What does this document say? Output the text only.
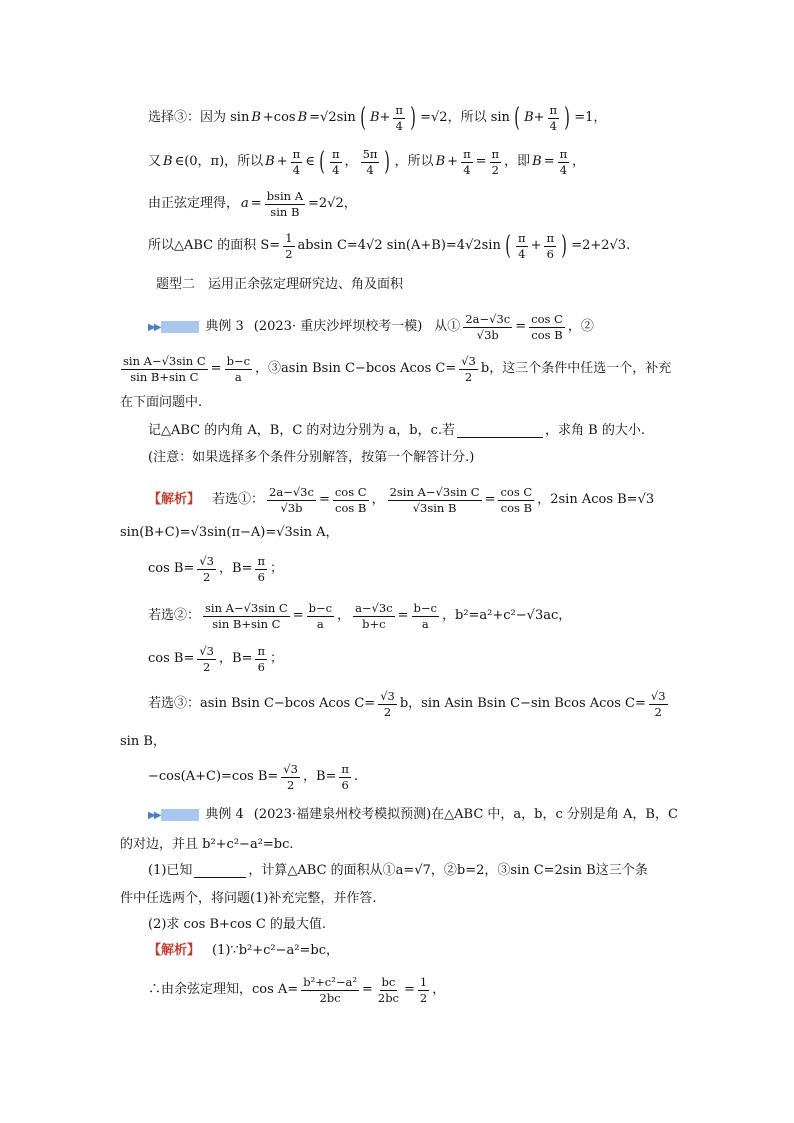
选择③：因为 sin B +cos B =√2sin ( $B+ \frac{\pi}{4}$ ) =√2，所以 sin ( $B+ \frac{\pi}{4}$ ) =1，
又 B ∈(0，π)，所以 $B + \frac{\pi}{4}$ ∈ ( $\frac{\pi}{4}$ ， $\frac{5\pi}{4}$ ) ，所以 $B + \frac{\pi}{4} = \frac{\pi}{2}$ ，即 $B = \frac{\pi}{4}$ ，
由正弦定理得， $a = \frac{\text{bsin A}}{\text{sin B}} =2√2$，
所以△ABC 的面积 $S= \frac{1}{2}$ absin C=4√2 sin(A+B)=4√2sin ( $\frac{\pi}{4} + \frac{\pi}{6}$ ) =2+2√3.
题型二　运用正余弦定理研究边、角及面积
▶▶	典例 3 (2023· 重庆沙坪坝校考一模) 从① $\frac{2a-√3c}{√3b} = \frac{\text{cos C}}{\text{cos B}}$ ，②
$\frac{\text{sin A−√3sin C}}{\text{sin B+sin C}} = \frac{b-c}{a}$ ，③asin Bsin C−bcos Acos $C= \frac{√3}{2}$ b，这三个条件中任选一个，补充
在下面问题中.
记△ABC 的内角 A，B，C 的对边分别为 a，b，c.若	，求角 B 的大小.
(注意：如果选择多个条件分别解答，按第一个解答计分.)
【解析】 若选①： $\frac{2a-√3c}{√3b} = \frac{\text{cos C}}{\text{cos B}}$ ， $\frac{\text{2sin A−√3sin C}}{\text{√3sin B}} = \frac{\text{cos C}}{\text{cos B}}$ ，2sin Acos B=√3
sin(B+C)=√3sin(π−A)=√3sin A，
$\cos B= \frac{√3}{2}$ ，$B= \frac{\pi}{6}$ ；
若选②： $\frac{\text{sin A−√3sin C}}{\text{sin B+sin C}} = \frac{b-c}{a}$ ， $\frac{a-√3c}{b+c} = \frac{b-c}{a}$ ，b²=a²+c²−√3ac，
$\cos B= \frac{√3}{2}$ ，$B= \frac{\pi}{6}$ ；
若选③：asin Bsin C−bcos Acos $C= \frac{√3}{2}$ b，sin Asin Bsin C−sin Bcos Acos $C= \frac{√3}{2}$
sin B，
−cos(A+C)=cos $B= \frac{√3}{2}$ ，$B= \frac{\pi}{6}$ .
▶▶	典例 4 (2023·福建泉州校考模拟预测)在△ABC 中，a，b，c 分别是角 A，B，C
的对边，并且 b²+c²−a²=bc.
(1)已知	，计算△ABC 的面积从①a=√7，②b=2，③sin C=2sin B这三个条
件中任选两个，将问题(1)补充完整，并作答.
(2)求 cos B+cos C 的最大值.
【解析】 (1)∵b²+c²−a²=bc，
∴由余弦定理知，$\cos A= \frac{\text{b²+c²−a²}}{2bc} = \frac{bc}{2bc} = \frac{1}{2}$ ，
